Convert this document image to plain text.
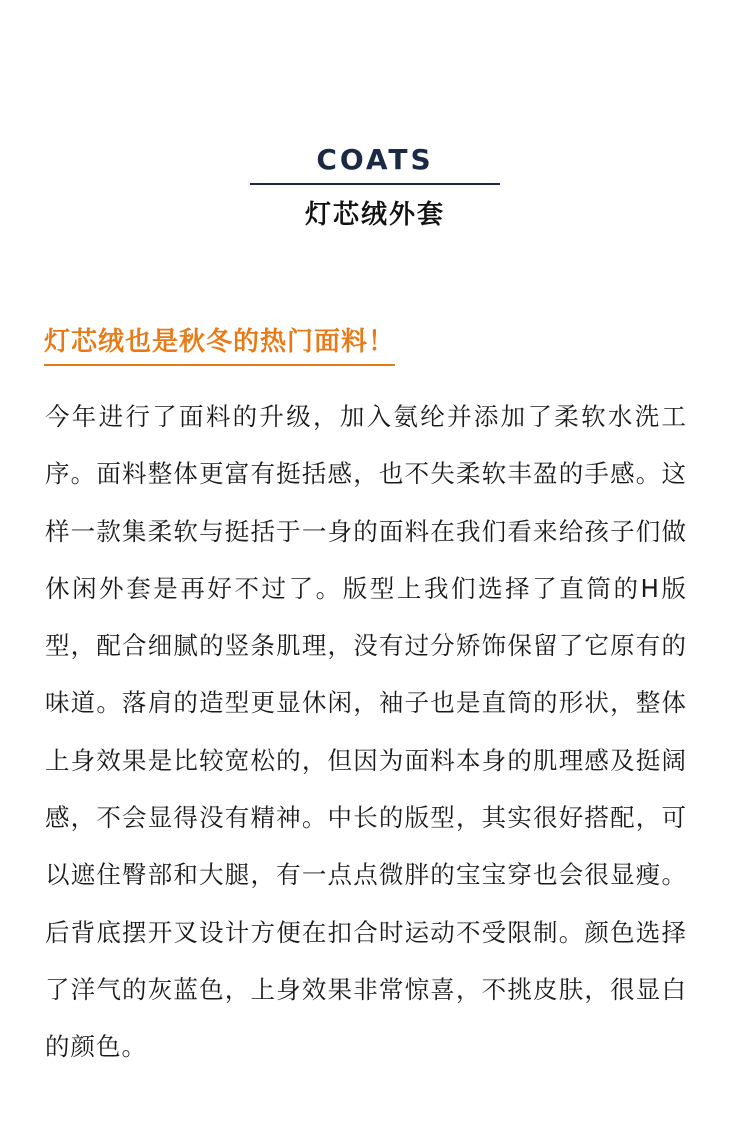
COATS
灯芯绒外套
灯芯绒也是秋冬的热门面料！
今年进行了面料的升级，加入氨纶并添加了柔软水洗工序。面料整体更富有挺括感，也不失柔软丰盈的手感。这样一款集柔软与挺括于一身的面料在我们看来给孩子们做休闲外套是再好不过了。版型上我们选择了直筒的H版型，配合细腻的竖条肌理，没有过分矫饰保留了它原有的味道。落肩的造型更显休闲，袖子也是直筒的形状，整体上身效果是比较宽松的，但因为面料本身的肌理感及挺阔感，不会显得没有精神。中长的版型，其实很好搭配，可以遮住臀部和大腿，有一点点微胖的宝宝穿也会很显瘦。后背底摆开叉设计方便在扣合时运动不受限制。颜色选择了洋气的灰蓝色，上身效果非常惊喜，不挑皮肤，很显白的颜色。
